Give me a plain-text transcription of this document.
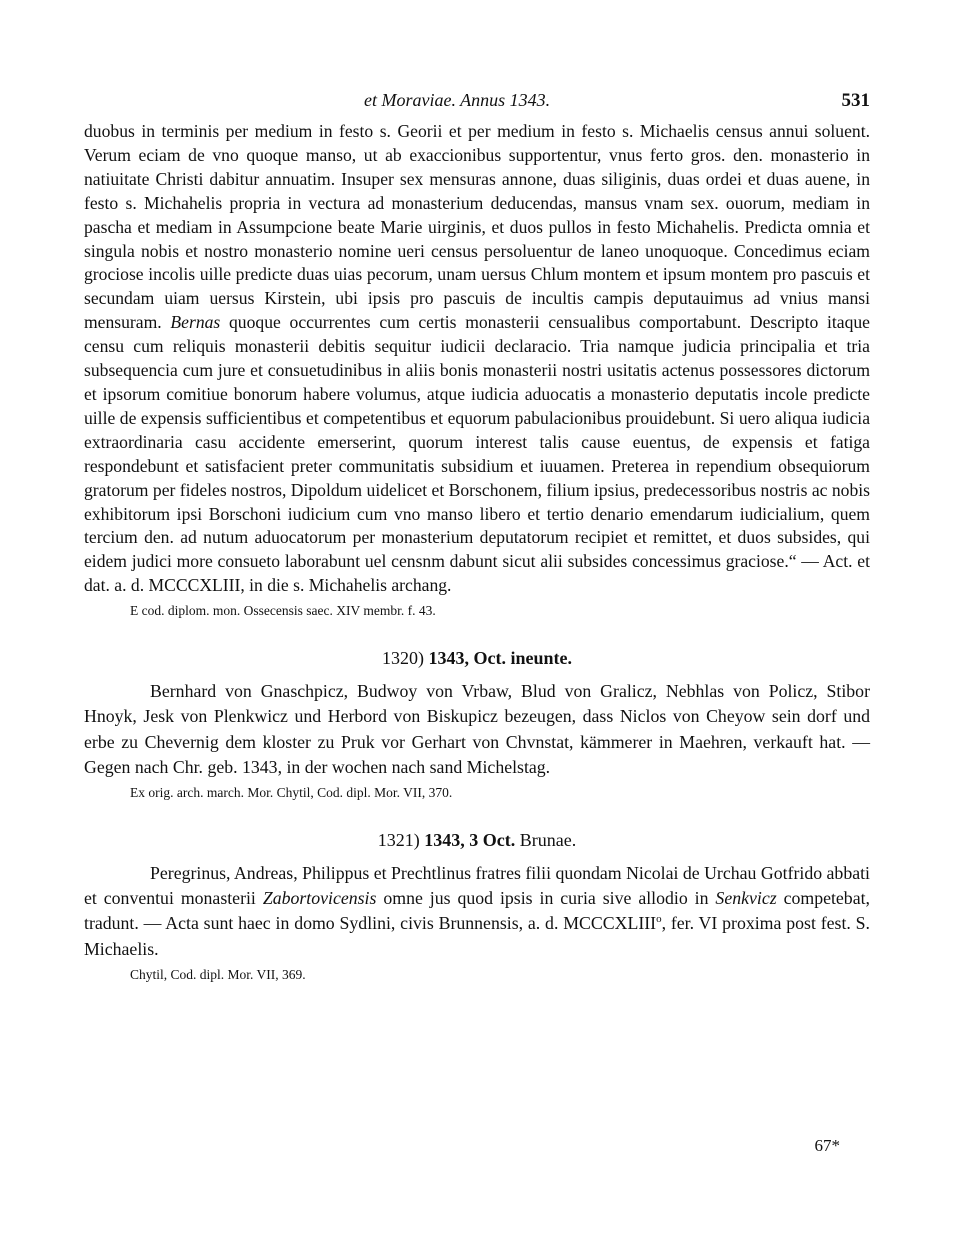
et Moraviae. Annus 1343.	531

duobus in terminis per medium in festo s. Georii et per medium in festo s. Michaelis census annui soluent. Verum eciam de vno quoque manso, ut ab exaccionibus supportentur, vnus ferto gros. den. monasterio in natiuitate Christi dabitur annuatim. Insuper sex mensuras annone, duas siliginis, duas ordei et duas auene, in festo s. Michahelis propria in vectura ad monasterium deducendas, mansus vnam sex. ouorum, mediam in pascha et mediam in Assumpcione beate Marie uirginis, et duos pullos in festo Michahelis. Predicta omnia et singula nobis et nostro monasterio nomine ueri census persoluentur de laneo unoquoque. Concedimus eciam grociose incolis uille predicte duas uias pecorum, unam uersus Chlum montem et ipsum montem pro pascuis et secundam uiam uersus Kirstein, ubi ipsis pro pascuis de incultis campis deputauimus ad vnius mansi mensuram. Bernas quoque occurrentes cum certis monasterii censualibus comportabunt. Descripto itaque censu cum reliquis monasterii debitis sequitur iudicii declaracio. Tria namque judicia principalia et tria subsequencia cum jure et consuetudinibus in aliis bonis monasterii nostri usitatis actenus possessores dictorum et ipsorum comitiue bonorum habere volumus, atque iudicia aduocatis a monasterio deputatis incole predicte uille de expensis sufficientibus et competentibus et equorum pabulacionibus prouidebunt. Si uero aliqua iudicia extraordinaria casu accidente emerserint, quorum interest talis cause euentus, de expensis et fatiga respondebunt et satisfacient preter communitatis subsidium et iuuamen. Preterea in rependium obsequiorum gratorum per fideles nostros, Dipoldum uidelicet et Borschonem, filium ipsius, predecessoribus nostris ac nobis exhibitorum ipsi Borschoni iudicium cum vno manso libero et tertio denario emendarum iudicialium, quem tercium den. ad nutum aduocatorum per monasterium deputatorum recipiet et remittet, et duos subsides, qui eidem judici more consueto laborabunt uel censnm dabunt sicut alii subsides concessimus graciose.“ — Act. et dat. a. d. MCCCXLIII, in die s. Michahelis archang.

E cod. diplom. mon. Ossecensis saec. XIV membr. f. 43.

1320) 1343, Oct. ineunte.

Bernhard von Gnaschpicz, Budwoy von Vrbaw, Blud von Gralicz, Nebhlas von Policz, Stibor Hnoyk, Jesk von Plenkwicz und Herbord von Biskupicz bezeugen, dass Niclos von Cheyow sein dorf und erbe zu Chevernig dem kloster zu Pruk vor Gerhart von Chvnstat, kämmerer in Maehren, verkauft hat. — Gegen nach Chr. geb. 1343, in der wochen nach sand Michelstag.

Ex orig. arch. march. Mor. Chytil, Cod. dipl. Mor. VII, 370.

1321) 1343, 3 Oct. Brunae.

Peregrinus, Andreas, Philippus et Prechtlinus fratres filii quondam Nicolai de Urchau Gotfrido abbati et conventui monasterii Zabortovicensis omne jus quod ipsis in curia sive allodio in Senkvicz competebat, tradunt. — Acta sunt haec in domo Sydlini, civis Brunnensis, a. d. MCCCXLIII$^o$, fer. VI proxima post fest. S. Michaelis.

Chytil, Cod. dipl. Mor. VII, 369.

67*
